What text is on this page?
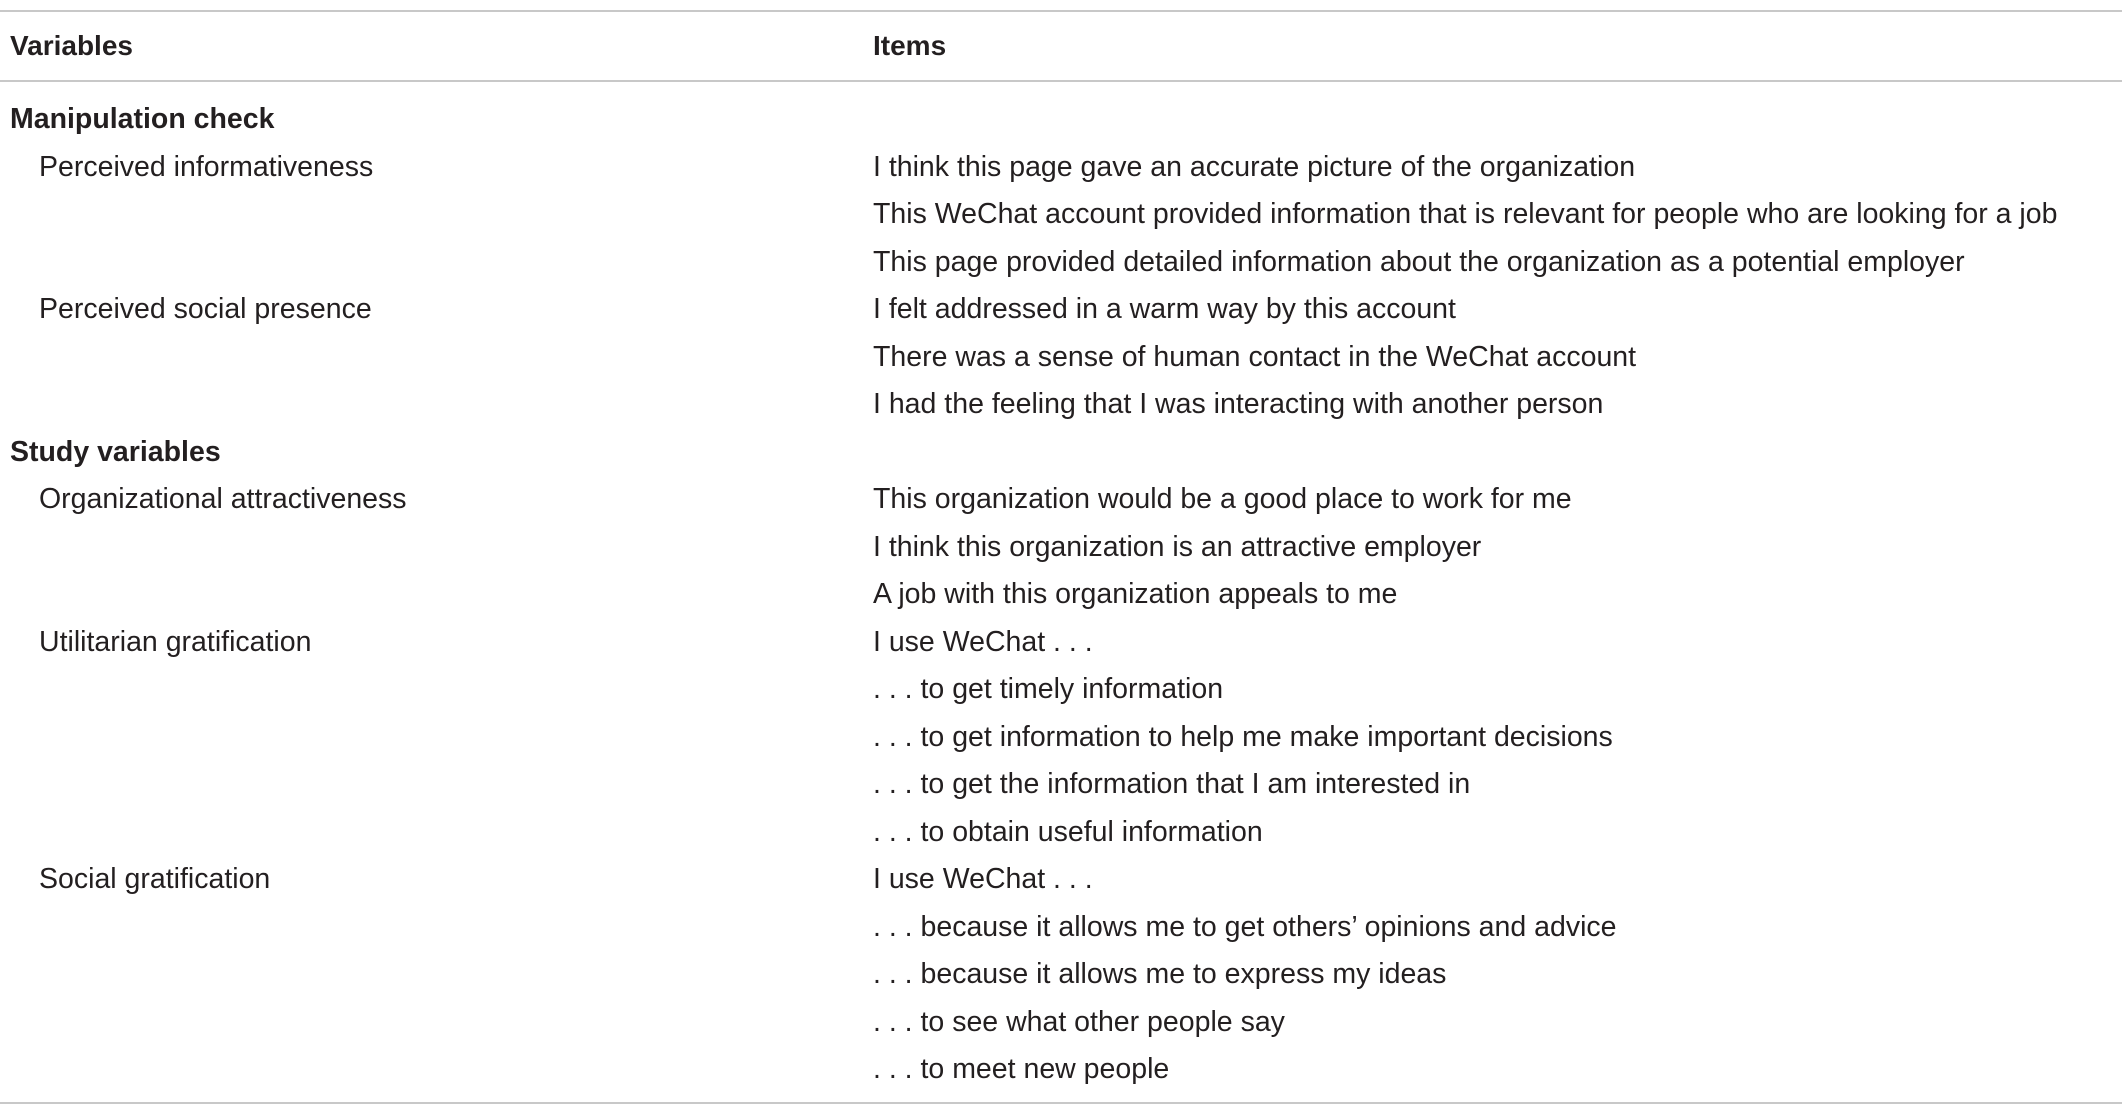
Variables	Items
Manipulation check
Perceived informativeness	I think this page gave an accurate picture of the organization
This WeChat account provided information that is relevant for people who are looking for a job
This page provided detailed information about the organization as a potential employer
Perceived social presence	I felt addressed in a warm way by this account
There was a sense of human contact in the WeChat account
I had the feeling that I was interacting with another person
Study variables
Organizational attractiveness	This organization would be a good place to work for me
I think this organization is an attractive employer
A job with this organization appeals to me
Utilitarian gratification	I use WeChat . . .
. . . to get timely information
. . . to get information to help me make important decisions
. . . to get the information that I am interested in
. . . to obtain useful information
Social gratification	I use WeChat . . .
. . . because it allows me to get others’ opinions and advice
. . . because it allows me to express my ideas
. . . to see what other people say
. . . to meet new people
